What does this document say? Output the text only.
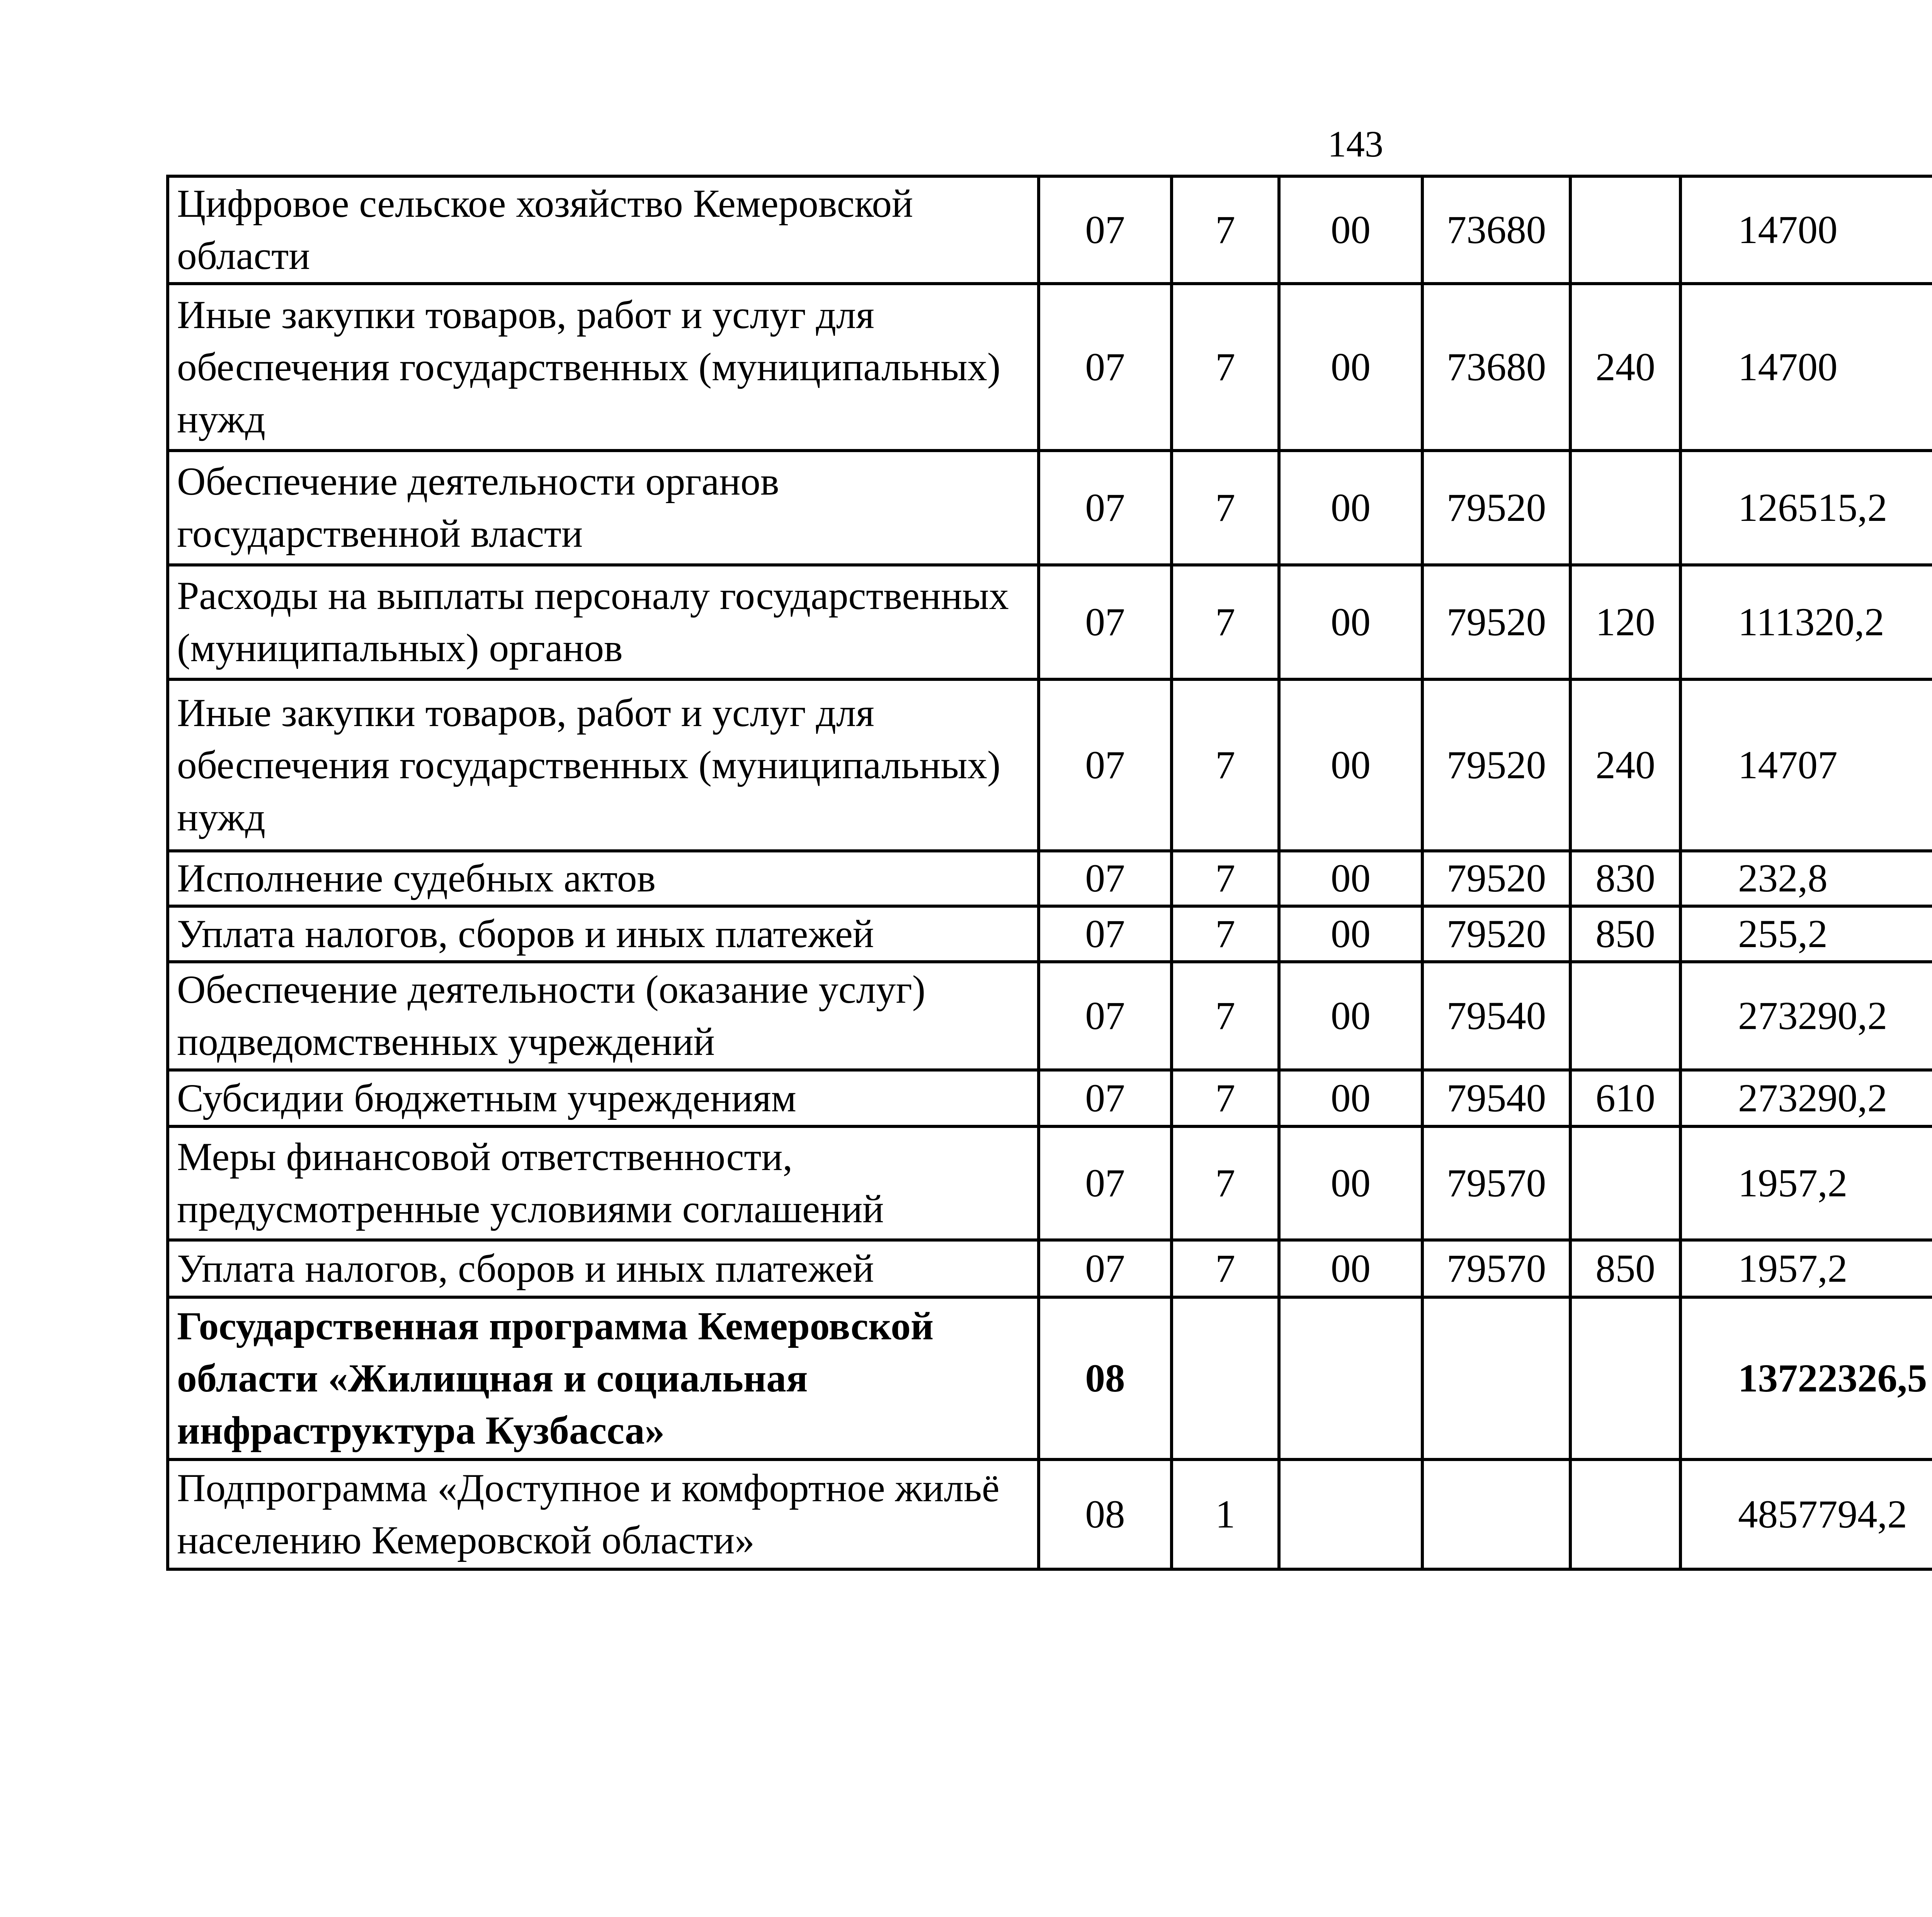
143
Цифровое сельское хозяйство Кемеровской области	07	7	00	73680		14700		
Иные закупки товаров, работ и услуг для обеспечения государственных (муниципальных) нужд	07	7	00	73680	240	14700		
Обеспечение деятельности органов государственной власти	07	7	00	79520		126515,2		
Расходы на выплаты персоналу государственных (муниципальных) органов	07	7	00	79520	120	111320,2		
Иные закупки товаров, работ и услуг для обеспечения государственных (муниципальных) нужд	07	7	00	79520	240	14707		
Исполнение судебных актов	07	7	00	79520	830	232,8		
Уплата налогов, сборов и иных платежей	07	7	00	79520	850	255,2		
Обеспечение деятельности (оказание услуг) подведомственных учреждений	07	7	00	79540		273290,2		
Субсидии бюджетным учреждениям	07	7	00	79540	610	273290,2		
Меры финансовой ответственности, предусмотренные условиями соглашений	07	7	00	79570		1957,2		
Уплата налогов, сборов и иных платежей	07	7	00	79570	850	1957,2		
Государственная программа Кемеровской области «Жилищная и социальная инфраструктура Кузбасса»	08					13722326,5		
Подпрограмма «Доступное и комфортное жильё населению Кемеровской области»	08	1				4857794,2		
